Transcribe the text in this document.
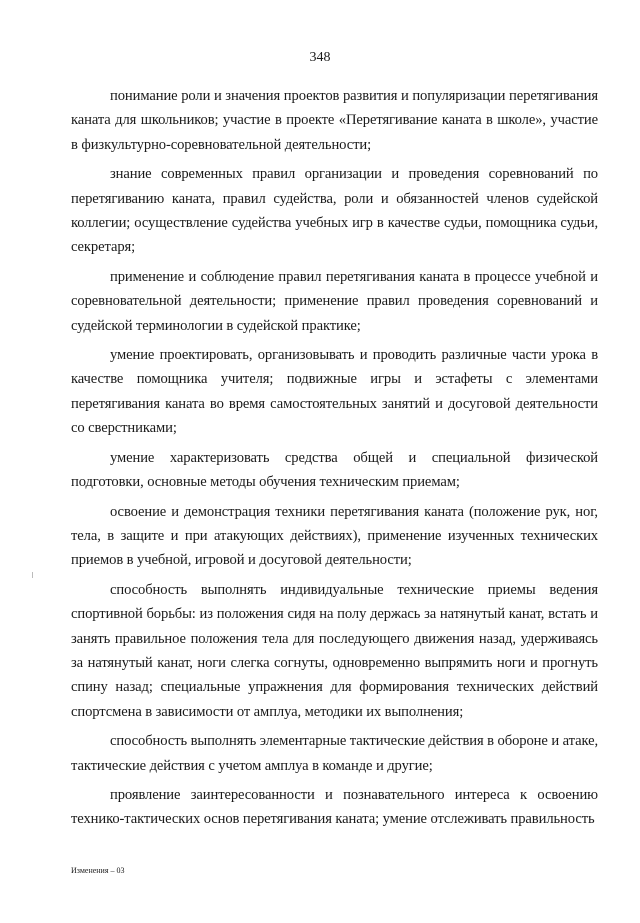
348

понимание роли и значения проектов развития и популяризации перетягивания каната для школьников; участие в проекте «Перетягивание каната в школе», участие в физкультурно-соревновательной деятельности;

знание современных правил организации и проведения соревнований по перетягиванию каната, правил судейства, роли и обязанностей членов судейской коллегии; осуществление судейства учебных игр в качестве судьи, помощника судьи, секретаря;

применение и соблюдение правил перетягивания каната в процессе учебной и соревновательной деятельности; применение правил проведения соревнований и судейской терминологии в судейской практике;

умение проектировать, организовывать и проводить различные части урока в качестве помощника учителя; подвижные игры и эстафеты с элементами перетягивания каната во время самостоятельных занятий и досуговой деятельности со сверстниками;

умение характеризовать средства общей и специальной физической подготовки, основные методы обучения техническим приемам;

освоение и демонстрация техники перетягивания каната (положение рук, ног, тела, в защите и при атакующих действиях), применение изученных технических приемов в учебной, игровой и досуговой деятельности;

способность выполнять индивидуальные технические приемы ведения спортивной борьбы: из положения сидя на полу держась за натянутый канат, встать и занять правильное положения тела для последующего движения назад, удерживаясь за натянутый канат, ноги слегка согнуты, одновременно выпрямить ноги и прогнуть спину назад; специальные упражнения для формирования технических действий спортсмена в зависимости от амплуа, методики их выполнения;

способность выполнять элементарные тактические действия в обороне и атаке, тактические действия с учетом амплуа в команде и другие;

проявление заинтересованности и познавательного интереса к освоению технико-тактических основ перетягивания каната; умение отслеживать правильность

Изменения – 03
